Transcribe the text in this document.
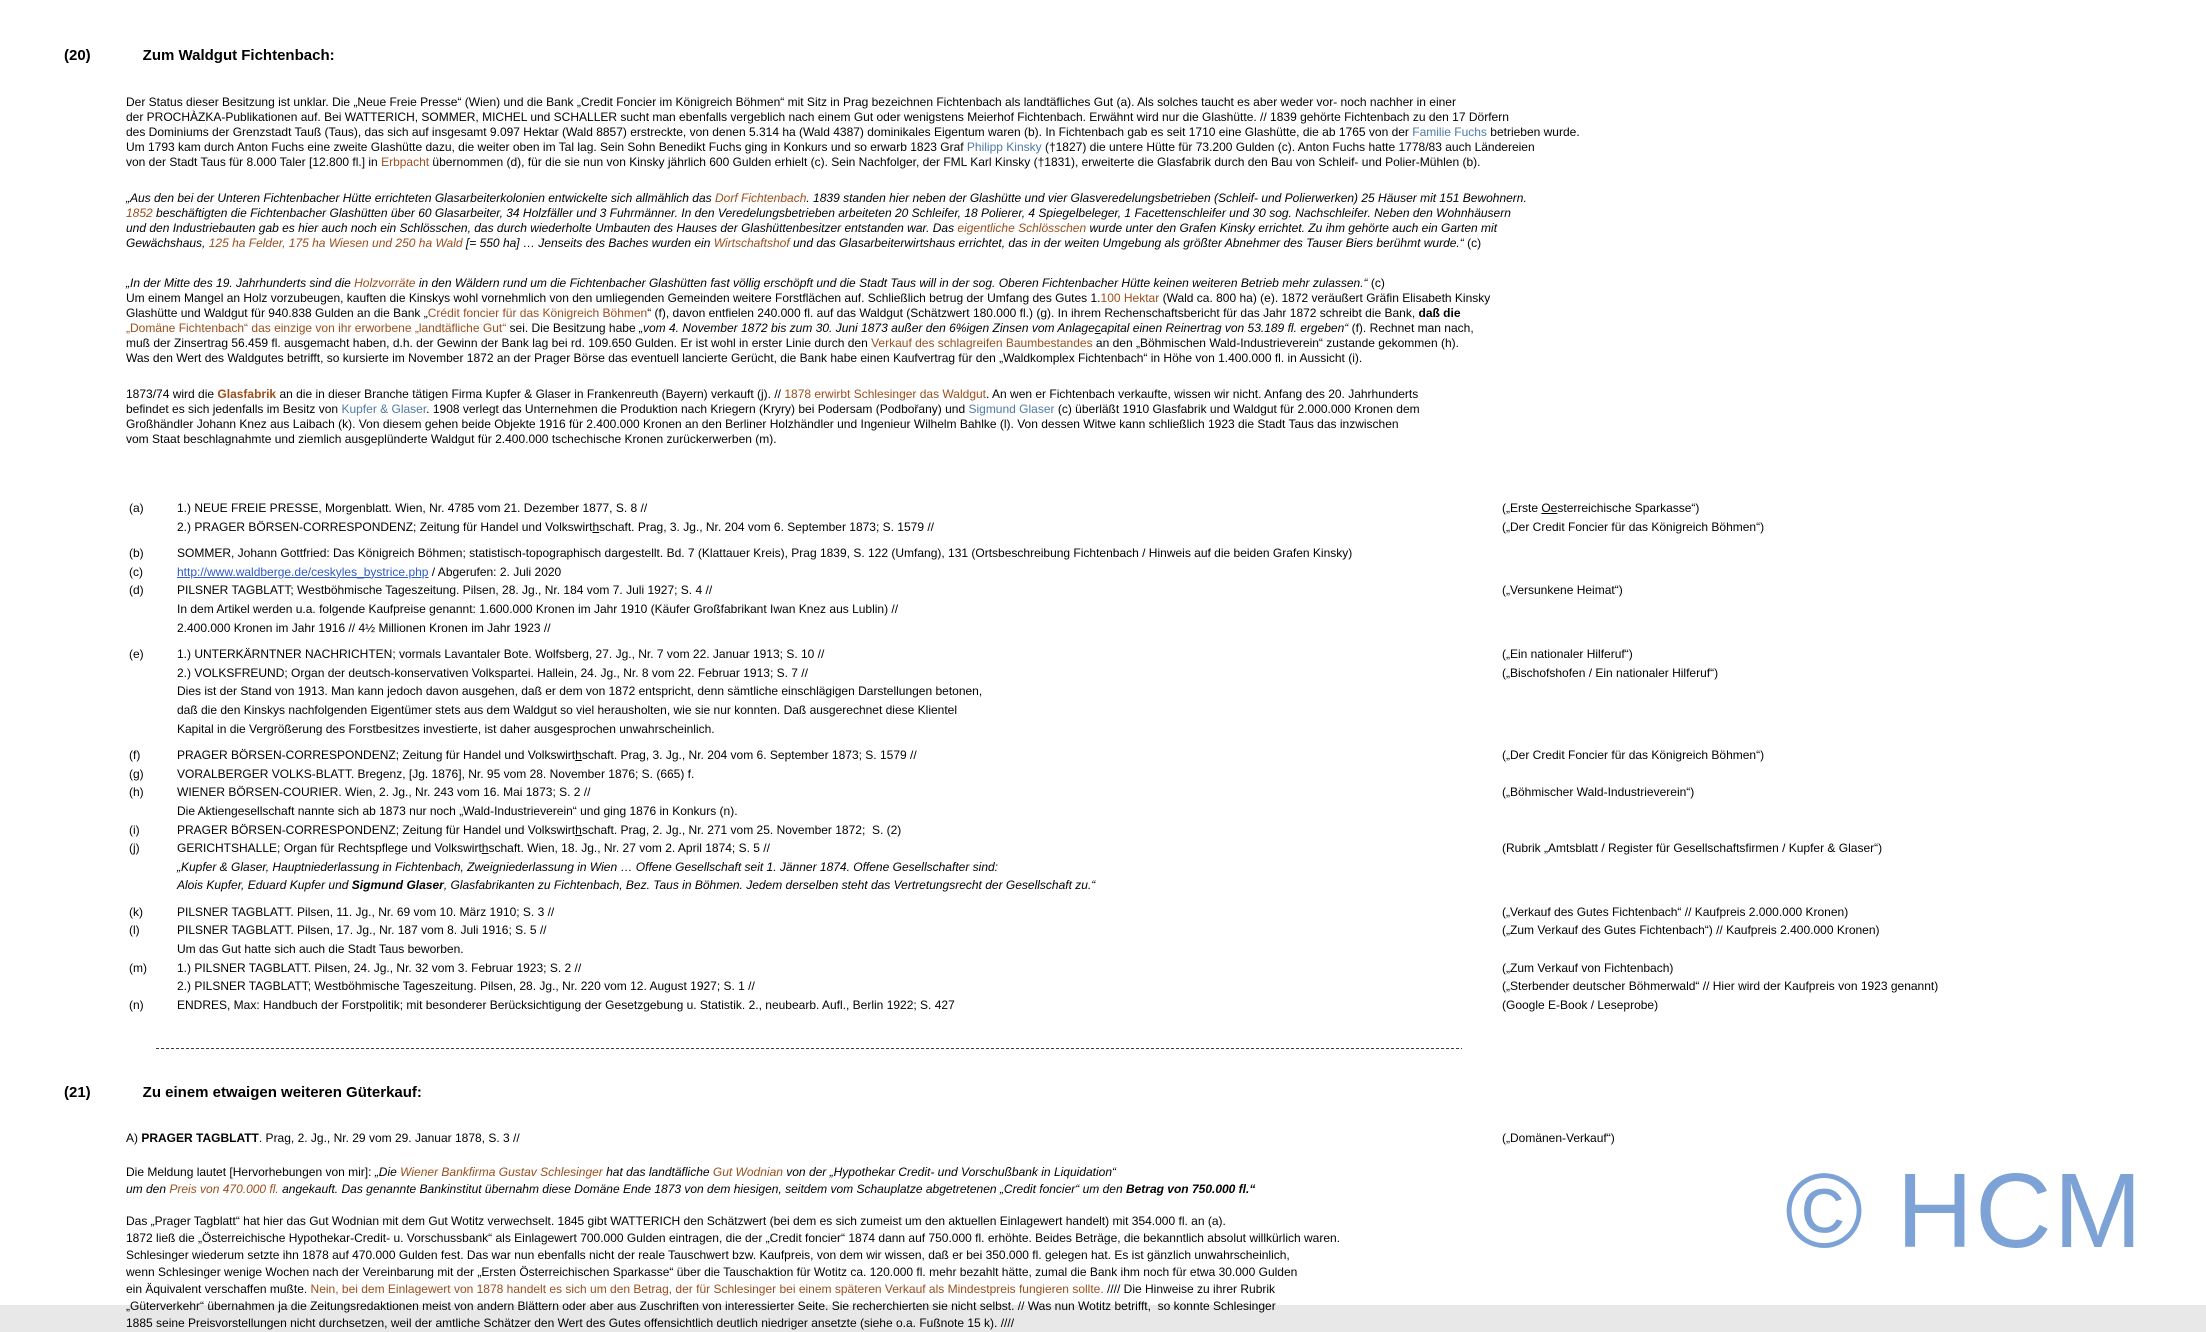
(20)	Zum Waldgut Fichtenbach:

Der Status dieser Besitzung ist unklar. Die „Neue Freie Presse“ (Wien) und die Bank „Credit Foncier im Königreich Böhmen“ mit Sitz in Prag bezeichnen Fichtenbach als landtäfliches Gut (a). Als solches taucht es aber weder vor- noch nachher in einer
der PROCHÀZKA-Publikationen auf. Bei WATTERICH, SOMMER, MICHEL und SCHALLER sucht man ebenfalls vergeblich nach einem Gut oder wenigstens Meierhof Fichtenbach. Erwähnt wird nur die Glashütte. // 1839 gehörte Fichtenbach zu den 17 Dörfern
des Dominiums der Grenzstadt Tauß (Taus), das sich auf insgesamt 9.097 Hektar (Wald 8857) erstreckte, von denen 5.314 ha (Wald 4387) dominikales Eigentum waren (b). In Fichtenbach gab es seit 1710 eine Glashütte, die ab 1765 von der Familie Fuchs betrieben wurde.
Um 1793 kam durch Anton Fuchs eine zweite Glashütte dazu, die weiter oben im Tal lag. Sein Sohn Benedikt Fuchs ging in Konkurs und so erwarb 1823 Graf Philipp Kinsky (†1827) die untere Hütte für 73.200 Gulden (c). Anton Fuchs hatte 1778/83 auch Ländereien
von der Stadt Taus für 8.000 Taler [12.800 fl.] in Erbpacht übernommen (d), für die sie nun von Kinsky jährlich 600 Gulden erhielt (c). Sein Nachfolger, der FML Karl Kinsky (†1831), erweiterte die Glasfabrik durch den Bau von Schleif- und Polier-Mühlen (b).
„Aus den bei der Unteren Fichtenbacher Hütte errichteten Glasarbeiterkolonien entwickelte sich allmählich das Dorf Fichtenbach. 1839 standen hier neben der Glashütte und vier Glasveredelungsbetrieben (Schleif- und Polierwerken) 25 Häuser mit 151 Bewohnern.
1852 beschäftigten die Fichtenbacher Glashütten über 60 Glasarbeiter, 34 Holzfäller und 3 Fuhrmänner. In den Veredelungsbetrieben arbeiteten 20 Schleifer, 18 Polierer, 4 Spiegelbeleger, 1 Facettenschleifer und 30 sog. Nachschleifer. Neben den Wohnhäusern
und den Industriebauten gab es hier auch noch ein Schlösschen, das durch wiederholte Umbauten des Hauses der Glashüttenbesitzer entstanden war. Das eigentliche Schlösschen wurde unter den Grafen Kinsky errichtet. Zu ihm gehörte auch ein Garten mit
Gewächshaus, 125 ha Felder, 175 ha Wiesen und 250 ha Wald [= 550 ha] … Jenseits des Baches wurden ein Wirtschaftshof und das Glasarbeiterwirtshaus errichtet, das in der weiten Umgebung als größter Abnehmer des Tauser Biers berühmt wurde.“ (c)
„In der Mitte des 19. Jahrhunderts sind die Holzvorräte in den Wäldern rund um die Fichtenbacher Glashütten fast völlig erschöpft und die Stadt Taus will in der sog. Oberen Fichtenbacher Hütte keinen weiteren Betrieb mehr zulassen.“ (c)
Um einem Mangel an Holz vorzubeugen, kauften die Kinskys wohl vornehmlich von den umliegenden Gemeinden weitere Forstflächen auf. Schließlich betrug der Umfang des Gutes 1.100 Hektar (Wald ca. 800 ha) (e). 1872 veräußert Gräfin Elisabeth Kinsky
Glashütte und Waldgut für 940.838 Gulden an die Bank „Crédit foncier für das Königreich Böhmen“ (f), davon entfielen 240.000 fl. auf das Waldgut (Schätzwert 180.000 fl.) (g). In ihrem Rechenschaftsbericht für das Jahr 1872 schreibt die Bank, daß die
„Domäne Fichtenbach“ das einzige von ihr erworbene „landtäfliche Gut“ sei. Die Besitzung habe „vom 4. November 1872 bis zum 30. Juni 1873 außer den 6%igen Zinsen vom Anlagecapital einen Reinertrag von 53.189 fl. ergeben“ (f). Rechnet man nach,
muß der Zinsertrag 56.459 fl. ausgemacht haben, d.h. der Gewinn der Bank lag bei rd. 109.650 Gulden. Er ist wohl in erster Linie durch den Verkauf des schlagreifen Baumbestandes an den „Böhmischen Wald-Industrieverein“ zustande gekommen (h).
Was den Wert des Waldgutes betrifft, so kursierte im November 1872 an der Prager Börse das eventuell lancierte Gerücht, die Bank habe einen Kaufvertrag für den „Waldkomplex Fichtenbach“ in Höhe von 1.400.000 fl. in Aussicht (i).
1873/74 wird die Glasfabrik an die in dieser Branche tätigen Firma Kupfer & Glaser in Frankenreuth (Bayern) verkauft (j). // 1878 erwirbt Schlesinger das Waldgut. An wen er Fichtenbach verkaufte, wissen wir nicht. Anfang des 20. Jahrhunderts
befindet es sich jedenfalls im Besitz von Kupfer & Glaser. 1908 verlegt das Unternehmen die Produktion nach Kriegern (Kryry) bei Podersam (Podbořany) und Sigmund Glaser (c) überläßt 1910 Glasfabrik und Waldgut für 2.000.000 Kronen dem
Großhändler Johann Knez aus Laibach (k). Von diesem gehen beide Objekte 1916 für 2.400.000 Kronen an den Berliner Holzhändler und Ingenieur Wilhelm Bahlke (l). Von dessen Witwe kann schließlich 1923 die Stadt Taus das inzwischen
vom Staat beschlagnahmte und ziemlich ausgeplünderte Waldgut für 2.400.000 tschechische Kronen zurückerwerben (m).
(a)	1.) NEUE FREIE PRESSE, Morgenblatt. Wien, Nr. 4785 vom 21. Dezember 1877, S. 8 //	(„Erste Oesterreichische Sparkasse“)
2.) PRAGER BÖRSEN-CORRESPONDENZ; Zeitung für Handel und Volkswirthschaft. Prag, 3. Jg., Nr. 204 vom 6. September 1873; S. 1579 //	(„Der Credit Foncier für das Königreich Böhmen“)
(b)	SOMMER, Johann Gottfried: Das Königreich Böhmen; statistisch-topographisch dargestellt. Bd. 7 (Klattauer Kreis), Prag 1839, S. 122 (Umfang), 131 (Ortsbeschreibung Fichtenbach / Hinweis auf die beiden Grafen Kinsky)
(c)	http://www.waldberge.de/ceskyles_bystrice.php / Abgerufen: 2. Juli 2020
(d)	PILSNER TAGBLATT; Westböhmische Tageszeitung. Pilsen, 28. Jg., Nr. 184 vom 7. Juli 1927; S. 4 //	(„Versunkene Heimat“)
In dem Artikel werden u.a. folgende Kaufpreise genannt: 1.600.000 Kronen im Jahr 1910 (Käufer Großfabrikant Iwan Knez aus Lublin) //
2.400.000 Kronen im Jahr 1916 // 4½ Millionen Kronen im Jahr 1923 //
(e)	1.) UNTERKÄRNTNER NACHRICHTEN; vormals Lavantaler Bote. Wolfsberg, 27. Jg., Nr. 7 vom 22. Januar 1913; S. 10 //	(„Ein nationaler Hilferuf“)
2.) VOLKSFREUND; Organ der deutsch-konservativen Volkspartei. Hallein, 24. Jg., Nr. 8 vom 22. Februar 1913; S. 7 //	(„Bischofshofen / Ein nationaler Hilferuf“)
Dies ist der Stand von 1913. Man kann jedoch davon ausgehen, daß er dem von 1872 entspricht, denn sämtliche einschlägigen Darstellungen betonen,
daß die den Kinskys nachfolgenden Eigentümer stets aus dem Waldgut so viel herausholten, wie sie nur konnten. Daß ausgerechnet diese Klientel
Kapital in die Vergrößerung des Forstbesitzes investierte, ist daher ausgesprochen unwahrscheinlich.
(f)	PRAGER BÖRSEN-CORRESPONDENZ; Zeitung für Handel und Volkswirthschaft. Prag, 3. Jg., Nr. 204 vom 6. September 1873; S. 1579 //	(„Der Credit Foncier für das Königreich Böhmen“)
(g)	VORALBERGER VOLKS-BLATT. Bregenz, [Jg. 1876], Nr. 95 vom 28. November 1876; S. (665) f.
(h)	WIENER BÖRSEN-COURIER. Wien, 2. Jg., Nr. 243 vom 16. Mai 1873; S. 2 //	(„Böhmischer Wald-Industrieverein“)
Die Aktiengesellschaft nannte sich ab 1873 nur noch „Wald-Industrieverein“ und ging 1876 in Konkurs (n).
(i)	PRAGER BÖRSEN-CORRESPONDENZ; Zeitung für Handel und Volkswirthschaft. Prag, 2. Jg., Nr. 271 vom 25. November 1872;  S. (2)
(j)	GERICHTSHALLE; Organ für Rechtspflege und Volkswirthschaft. Wien, 18. Jg., Nr. 27 vom 2. April 1874; S. 5 //	(Rubrik „Amtsblatt / Register für Gesellschaftsfirmen / Kupfer & Glaser“)
„Kupfer & Glaser, Hauptniederlassung in Fichtenbach, Zweigniederlassung in Wien … Offene Gesellschaft seit 1. Jänner 1874. Offene Gesellschafter sind:
Alois Kupfer, Eduard Kupfer und Sigmund Glaser, Glasfabrikanten zu Fichtenbach, Bez. Taus in Böhmen. Jedem derselben steht das Vertretungsrecht der Gesellschaft zu.“
(k)	PILSNER TAGBLATT. Pilsen, 11. Jg., Nr. 69 vom 10. März 1910; S. 3 //	(„Verkauf des Gutes Fichtenbach“ // Kaufpreis 2.000.000 Kronen)
(l)	PILSNER TAGBLATT. Pilsen, 17. Jg., Nr. 187 vom 8. Juli 1916; S. 5 //	(„Zum Verkauf des Gutes Fichtenbach“) // Kaufpreis 2.400.000 Kronen)
Um das Gut hatte sich auch die Stadt Taus beworben.
(m)	1.) PILSNER TAGBLATT. Pilsen, 24. Jg., Nr. 32 vom 3. Februar 1923; S. 2 //	(„Zum Verkauf von Fichtenbach)
2.) PILSNER TAGBLATT; Westböhmische Tageszeitung. Pilsen, 28. Jg., Nr. 220 vom 12. August 1927; S. 1 //	(„Sterbender deutscher Böhmerwald“ // Hier wird der Kaufpreis von 1923 genannt)
(n)	ENDRES, Max: Handbuch der Forstpolitik; mit besonderer Berücksichtigung der Gesetzgebung u. Statistik. 2., neubearb. Aufl., Berlin 1922; S. 427	(Google E-Book / Leseprobe)

(21)	Zu einem etwaigen weiteren Güterkauf:

A) PRAGER TAGBLATT. Prag, 2. Jg., Nr. 29 vom 29. Januar 1878, S. 3 //	(„Domänen-Verkauf“)
Die Meldung lautet [Hervorhebungen von mir]: „Die Wiener Bankfirma Gustav Schlesinger hat das landtäfliche Gut Wodnian von der „Hypothekar Credit- und Vorschußbank in Liquidation“
um den Preis von 470.000 fl. angekauft. Das genannte Bankinstitut übernahm diese Domäne Ende 1873 von dem hiesigen, seitdem vom Schauplatze abgetretenen „Credit foncier“ um den Betrag von 750.000 fl.“
Das „Prager Tagblatt“ hat hier das Gut Wodnian mit dem Gut Wotitz verwechselt. 1845 gibt WATTERICH den Schätzwert (bei dem es sich zumeist um den aktuellen Einlagewert handelt) mit 354.000 fl. an (a).
1872 ließ die „Österreichische Hypothekar-Credit- u. Vorschussbank“ als Einlagewert 700.000 Gulden eintragen, die der „Credit foncier“ 1874 dann auf 750.000 fl. erhöhte. Beides Beträge, die bekanntlich absolut willkürlich waren.
Schlesinger wiederum setzte ihn 1878 auf 470.000 Gulden fest. Das war nun ebenfalls nicht der reale Tauschwert bzw. Kaufpreis, von dem wir wissen, daß er bei 350.000 fl. gelegen hat. Es ist gänzlich unwahrscheinlich,
wenn Schlesinger wenige Wochen nach der Vereinbarung mit der „Ersten Österreichischen Sparkasse“ über die Tauschaktion für Wotitz ca. 120.000 fl. mehr bezahlt hätte, zumal die Bank ihm noch für etwa 30.000 Gulden
ein Äquivalent verschaffen mußte. Nein, bei dem Einlagewert von 1878 handelt es sich um den Betrag, der für Schlesinger bei einem späteren Verkauf als Mindestpreis fungieren sollte. //// Die Hinweise zu ihrer Rubrik
„Güterverkehr“ übernahmen ja die Zeitungsredaktionen meist von andern Blättern oder aber aus Zuschriften von interessierter Seite. Sie recherchierten sie nicht selbst. // Was nun Wotitz betrifft,  so konnte Schlesinger
1885 seine Preisvorstellungen nicht durchsetzen, weil der amtliche Schätzer den Wert des Gutes offensichtlich deutlich niedriger ansetzte (siehe o.a. Fußnote 15 k). ////
© HCM
